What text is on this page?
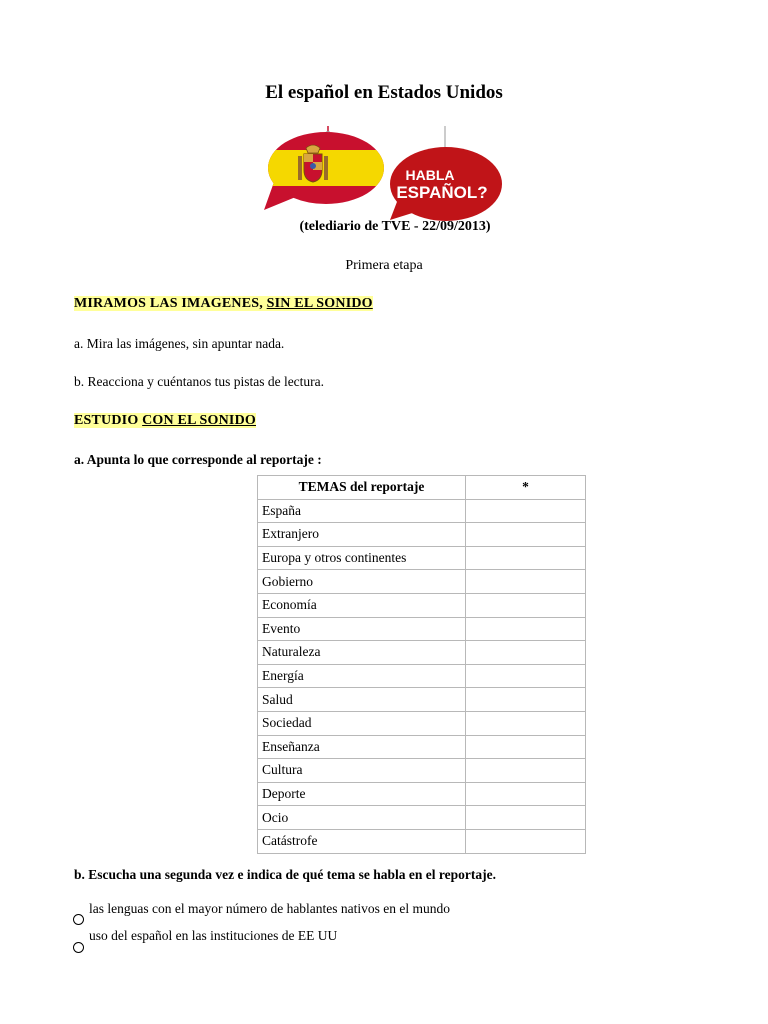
El español en Estados Unidos
HABLA
ESPAÑOL?
(telediario de TVE - 22/09/2013)
Primera etapa
MIRAMOS LAS IMAGENES, SIN EL SONIDO
a. Mira las imágenes, sin apuntar nada.
b. Reacciona y cuéntanos tus pistas de lectura.
ESTUDIO CON EL SONIDO
a. Apunta lo que corresponde al reportaje :
TEMAS del reportaje	*
España	
Extranjero	
Europa y otros continentes	
Gobierno	
Economía	
Evento	
Naturaleza	
Energía	
Salud	
Sociedad	
Enseñanza	
Cultura	
Deporte	
Ocio	
Catástrofe	
b. Escucha una segunda vez e indica de qué tema se habla en el reportaje.
las lenguas con el mayor número de hablantes nativos en el mundo
uso del español en las instituciones de EE UU
